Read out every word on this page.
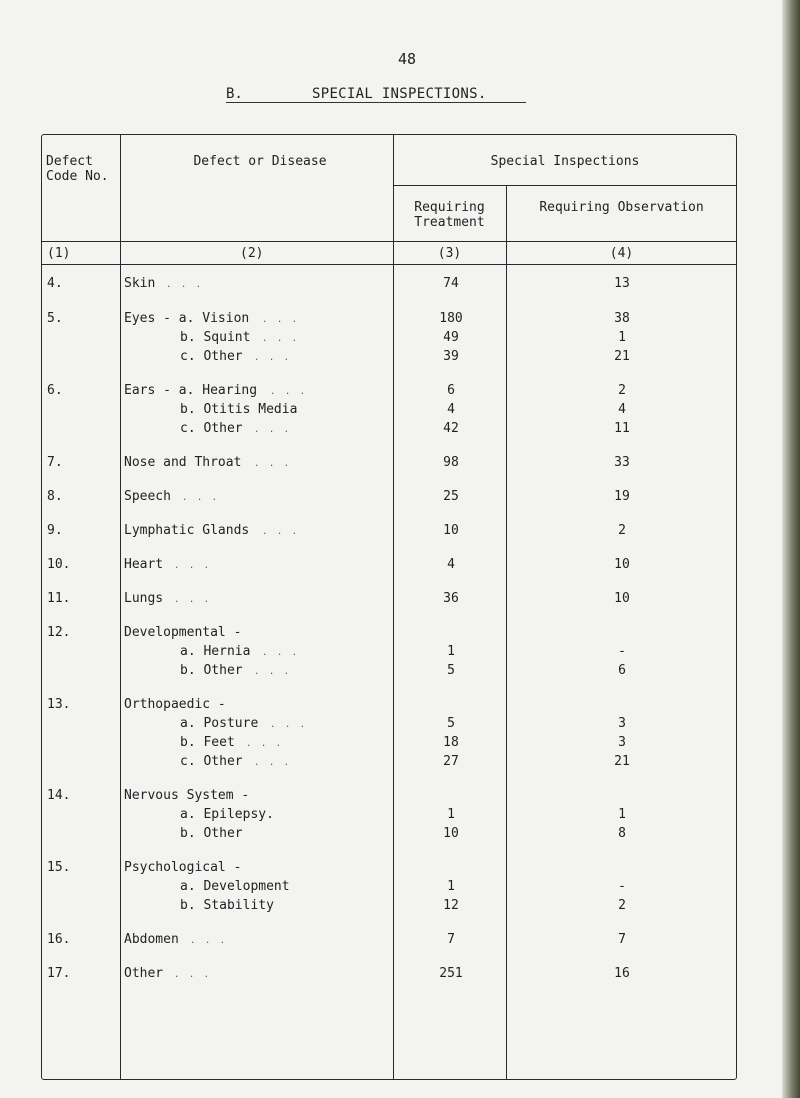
48
B.	SPECIAL INSPECTIONS.
Defect Code No.
Defect or Disease	Special Inspections
Requiring Treatment
Requiring Observation
(1)	(2)	(3)	(4)
4.	Skin . . .	74	13
5.	Eyes - a. Vision . . .	180	38
b. Squint . . .	49	1
c. Other . . .	39	21
6.	Ears - a. Hearing . . .	6	2
b. Otitis Media	4	4
c. Other . . .	42	11
7.	Nose and Throat . . .	98	33
8.	Speech . . .	25	19
9.	Lymphatic Glands . . .	10	2
10.	Heart . . .	4	10
11.	Lungs . . .	36	10
12.	Developmental -
a. Hernia . . .	1	-
b. Other . . .	5	6
13.	Orthopaedic -
a. Posture . . .	5	3
b. Feet . . .	18	3
c. Other . . .	27	21
14.	Nervous System -
a. Epilepsy.	1	1
b. Other	10	8
15.	Psychological -
a. Development	1	-
b. Stability	12	2
16.	Abdomen . . .	7	7
17.	Other . . .	251	16
